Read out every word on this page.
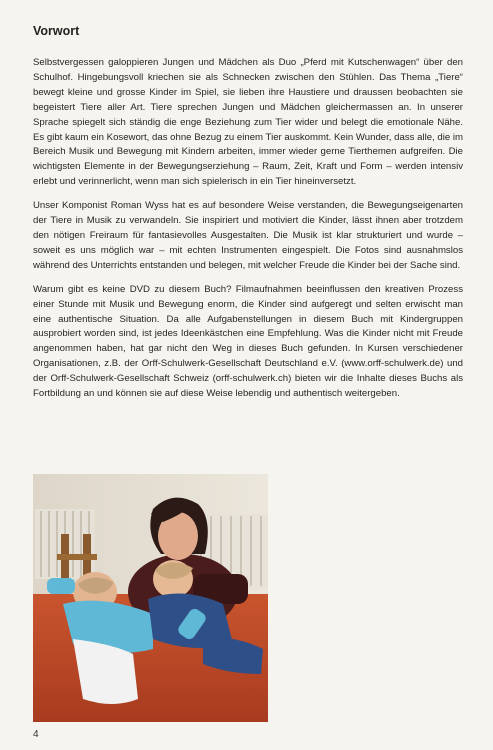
Vorwort

Selbstvergessen galoppieren Jungen und Mädchen als Duo „Pferd mit Kutschenwagen“ über den Schulhof. Hingebungsvoll kriechen sie als Schnecken zwischen den Stühlen. Das Thema „Tiere“ bewegt kleine und grosse Kinder im Spiel, sie lieben ihre Haustiere und draussen beobachten sie begeistert Tiere aller Art. Tiere sprechen Jungen und Mädchen gleichermassen an. In unserer Sprache spiegelt sich ständig die enge Beziehung zum Tier wider und belegt die emotionale Nähe. Es gibt kaum ein Kosewort, das ohne Bezug zu einem Tier auskommt. Kein Wunder, dass alle, die im Bereich Musik und Bewegung mit Kindern arbeiten, immer wieder gerne Tierthemen aufgreifen. Die wichtigsten Elemente in der Bewegungserziehung – Raum, Zeit, Kraft und Form – werden intensiv erlebt und verinnerlicht, wenn man sich spielerisch in ein Tier hineinversetzt.

Unser Komponist Roman Wyss hat es auf besondere Weise verstanden, die Bewegungseigenarten der Tiere in Musik zu verwandeln. Sie inspiriert und motiviert die Kinder, lässt ihnen aber trotzdem den nötigen Freiraum für fantasievolles Ausgestalten. Die Musik ist klar strukturiert und wurde – soweit es uns möglich war – mit echten Instrumenten eingespielt. Die Fotos sind ausnahmslos während des Unterrichts entstanden und belegen, mit welcher Freude die Kinder bei der Sache sind.

Warum gibt es keine DVD zu diesem Buch? Filmaufnahmen beeinflussen den kreativen Prozess einer Stunde mit Musik und Bewegung enorm, die Kinder sind aufgeregt und selten erwischt man eine authentische Situation. Da alle Aufgabenstellungen in diesem Buch mit Kindergruppen ausprobiert worden sind, ist jedes Ideenkästchen eine Empfehlung. Was die Kinder nicht mit Freude angenommen haben, hat gar nicht den Weg in dieses Buch gefunden. In Kursen verschiedener Organisationen, z.B. der Orff-Schulwerk-Gesellschaft Deutschland e.V. (www.orff-schulwerk.de) und der Orff-Schulwerk-Gesellschaft Schweiz (orff-schulwerk.ch) bieten wir die Inhalte dieses Buchs als Fortbildung an und können sie auf diese Weise lebendig und authentisch weitergeben.

4
